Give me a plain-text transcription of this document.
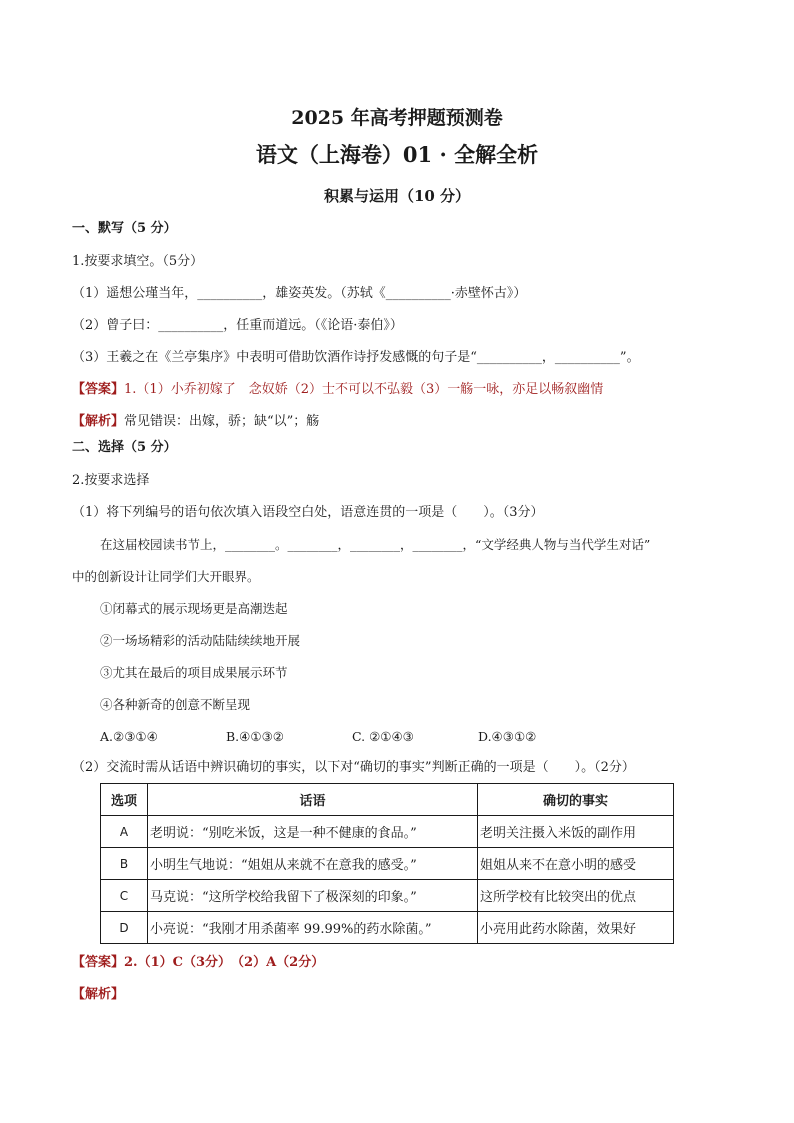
2025 年高考押题预测卷
语文（上海卷）01 · 全解全析
积累与运用（10 分）
一、默写（5 分）
1.按要求填空。（5分）
（1）遥想公瑾当年，__________，雄姿英发。（苏轼《__________·赤壁怀古》）
（2）曾子曰：__________，任重而道远。（《论语·泰伯》）
（3）王羲之在《兰亭集序》中表明可借助饮酒作诗抒发感慨的句子是“__________，__________”。
【答案】1.（1）小乔初嫁了　念奴娇（2）士不可以不弘毅（3）一觞一咏，亦足以畅叙幽情
【解析】常见错误：出嫁，骄；缺“以”；觞
二、选择（5 分）
2.按要求选择
（1）将下列编号的语句依次填入语段空白处，语意连贯的一项是（　　）。（3分）
在这届校园读书节上，________。________，________，________，“文学经典人物与当代学生对话”
中的创新设计让同学们大开眼界。
①闭幕式的展示现场更是高潮迭起
②一场场精彩的活动陆陆续续地开展
③尤其在最后的项目成果展示环节
④各种新奇的创意不断呈现
A.②③①④	B.④①③②	C. ②①④③	D.④③①②
（2）交流时需从话语中辨识确切的事实，以下对“确切的事实”判断正确的一项是（　　）。（2分）
选项	话语	确切的事实
A	老明说：“别吃米饭，这是一种不健康的食品。”	老明关注摄入米饭的副作用
B	小明生气地说：“姐姐从来就不在意我的感受。”	姐姐从来不在意小明的感受
C	马克说：“这所学校给我留下了极深刻的印象。”	这所学校有比较突出的优点
D	小亮说：“我刚才用杀菌率 99.99%的药水除菌。”	小亮用此药水除菌，效果好
【答案】2.（1）C（3分）　（2）A（2分）
【解析】
